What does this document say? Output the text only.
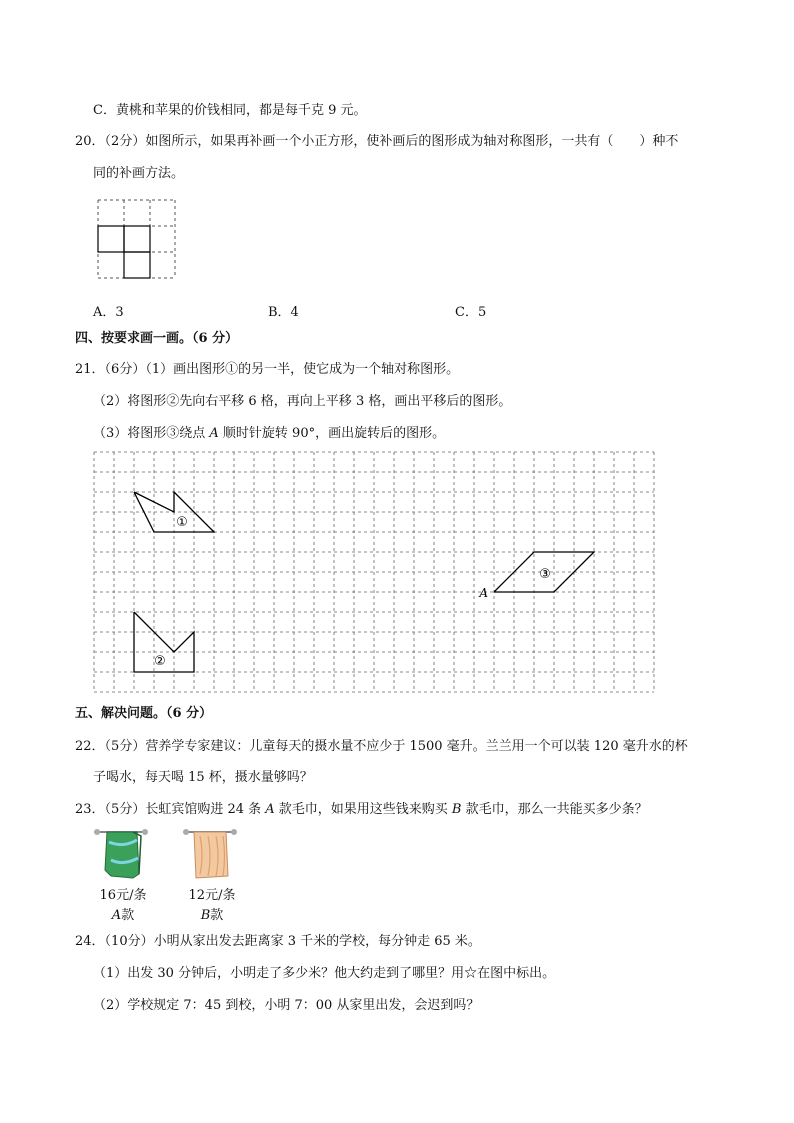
C．黄桃和苹果的价钱相同，都是每千克 9 元。
20．（2分）如图所示，如果再补画一个小正方形，使补画后的图形成为轴对称图形，一共有（　　）种不
同的补画方法。
A．3	B．4	C．5
四、按要求画一画。（6 分）
21．（6分）（1）画出图形①的另一半，使它成为一个轴对称图形。
（2）将图形②先向右平移 6 格，再向上平移 3 格，画出平移后的图形。
（3）将图形③绕点 A 顺时针旋转 90°，画出旋转后的图形。
①
②
③
A
五、解决问题。（6 分）
22．（5分）营养学专家建议：儿童每天的摄水量不应少于 1500 毫升。兰兰用一个可以装 120 毫升水的杯
子喝水，每天喝 15 杯，摄水量够吗？
23．（5分）长虹宾馆购进 24 条 A 款毛巾，如果用这些钱来购买 B 款毛巾，那么一共能买多少条？
16元/条
A款
12元/条
B款
24．（10分）小明从家出发去距离家 3 千米的学校，每分钟走 65 米。
（1）出发 30 分钟后，小明走了多少米？他大约走到了哪里？用☆在图中标出。
（2）学校规定 7：45 到校，小明 7：00 从家里出发，会迟到吗？
